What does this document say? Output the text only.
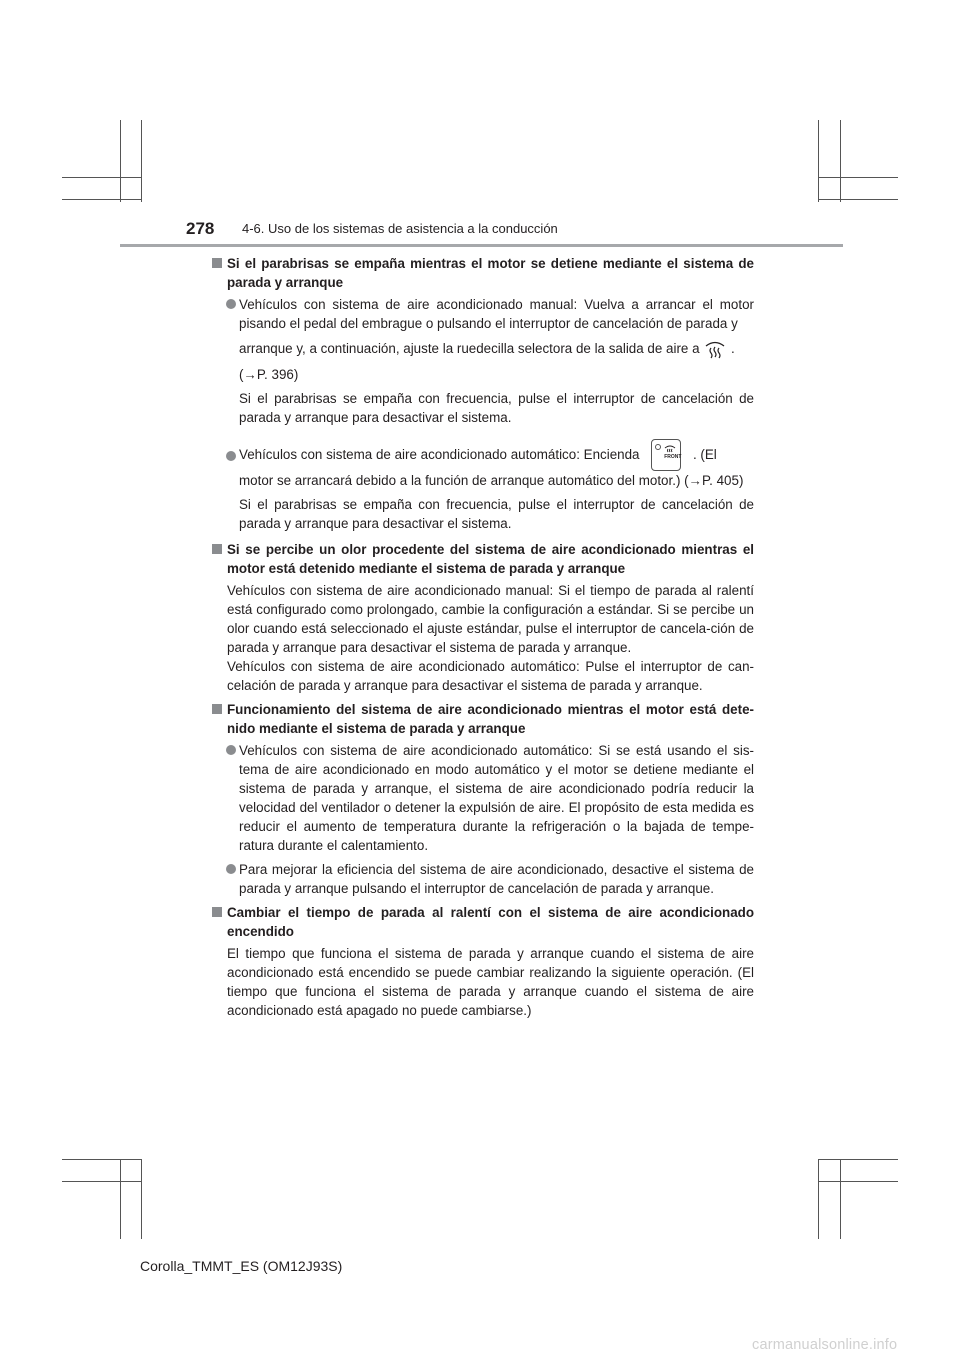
278 4-6. Uso de los sistemas de asistencia a la conducción
Si el parabrisas se empaña mientras el motor se detiene mediante el sistema de parada y arranque
Vehículos con sistema de aire acondicionado manual: Vuelva a arrancar el motor pisando el pedal del embrague o pulsando el interruptor de cancelación de parada y
arranque y, a continuación, ajuste la ruedecilla selectora de la salida de aire a .
(→P. 396)
Si el parabrisas se empaña con frecuencia, pulse el interruptor de cancelación de parada y arranque para desactivar el sistema.
Vehículos con sistema de aire acondicionado automático: Encienda	FRONT . (El
motor se arrancará debido a la función de arranque automático del motor.) (→P. 405)
Si el parabrisas se empaña con frecuencia, pulse el interruptor de cancelación de parada y arranque para desactivar el sistema.
Si se percibe un olor procedente del sistema de aire acondicionado mientras el motor está detenido mediante el sistema de parada y arranque
Vehículos con sistema de aire acondicionado manual: Si el tiempo de parada al ralentí está configurado como prolongado, cambie la configuración a estándar. Si se percibe un olor cuando está seleccionado el ajuste estándar, pulse el interruptor de cancela-ción de parada y arranque para desactivar el sistema de parada y arranque.
Vehículos con sistema de aire acondicionado automático: Pulse el interruptor de can-celación de parada y arranque para desactivar el sistema de parada y arranque.
Funcionamiento del sistema de aire acondicionado mientras el motor está dete-nido mediante el sistema de parada y arranque
Vehículos con sistema de aire acondicionado automático: Si se está usando el sis-tema de aire acondicionado en modo automático y el motor se detiene mediante el sistema de parada y arranque, el sistema de aire acondicionado podría reducir la velocidad del ventilador o detener la expulsión de aire. El propósito de esta medida es reducir el aumento de temperatura durante la refrigeración o la bajada de tempe-ratura durante el calentamiento.
Para mejorar la eficiencia del sistema de aire acondicionado, desactive el sistema de parada y arranque pulsando el interruptor de cancelación de parada y arranque.
Cambiar el tiempo de parada al ralentí con el sistema de aire acondicionado encendido
El tiempo que funciona el sistema de parada y arranque cuando el sistema de aire acondicionado está encendido se puede cambiar realizando la siguiente operación. (El tiempo que funciona el sistema de parada y arranque cuando el sistema de aire acondicionado está apagado no puede cambiarse.)
Corolla_TMMT_ES (OM12J93S)
carmanualsonline.info
